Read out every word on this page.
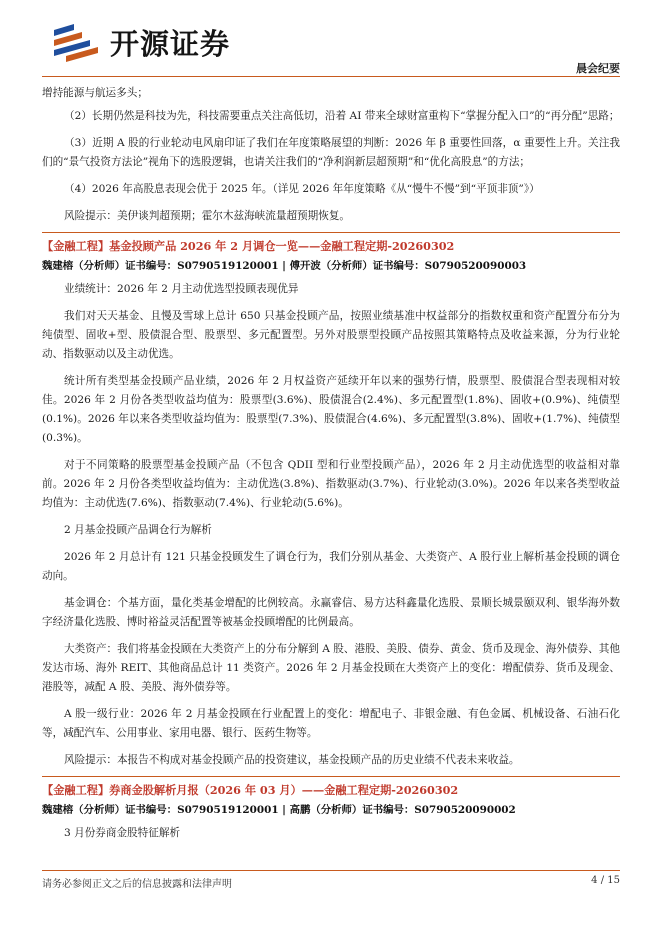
开源证券
晨会纪要

增持能源与航运多头；

（2）长期仍然是科技为先，科技需要重点关注高低切，沿着 AI 带来全球财富重构下“掌握分配入口”的“再分配”思路；

（3）近期 A 股的行业轮动电风扇印证了我们在年度策略展望的判断：2026 年 β 重要性回落，α 重要性上升。关注我们的“景气投资方法论”视角下的选股逻辑，也请关注我们的“净利润新层超预期”和“优化高股息”的方法；

（4）2026 年高股息表现会优于 2025 年。（详见 2026 年年度策略《从“慢牛不慢”到“平顶非顶”》）

风险提示：美伊谈判超预期；霍尔木兹海峡流量超预期恢复。

【金融工程】基金投顾产品 2026 年 2 月调仓一览——金融工程定期-20260302
魏建榕（分析师）证书编号：S0790519120001 | 傅开波（分析师）证书编号：S0790520090003

业绩统计：2026 年 2 月主动优选型投顾表现优异

我们对天天基金、且慢及雪球上总计 650 只基金投顾产品，按照业绩基准中权益部分的指数权重和资产配置分布分为纯债型、固收+型、股债混合型、股票型、多元配置型。另外对股票型投顾产品按照其策略特点及收益来源，分为行业轮动、指数驱动以及主动优选。

统计所有类型基金投顾产品业绩，2026 年 2 月权益资产延续开年以来的强势行情，股票型、股债混合型表现相对较佳。2026 年 2 月份各类型收益均值为：股票型(3.6%)、股债混合(2.4%)、多元配置型(1.8%)、固收+(0.9%)、纯债型(0.1%)。2026 年以来各类型收益均值为：股票型(7.3%)、股债混合(4.6%)、多元配置型(3.8%)、固收+(1.7%)、纯债型(0.3%)。

对于不同策略的股票型基金投顾产品（不包含 QDII 型和行业型投顾产品），2026 年 2 月主动优选型的收益相对靠前。2026 年 2 月份各类型收益均值为：主动优选(3.8%)、指数驱动(3.7%)、行业轮动(3.0%)。2026 年以来各类型收益均值为：主动优选(7.6%)、指数驱动(7.4%)、行业轮动(5.6%)。

2 月基金投顾产品调仓行为解析

2026 年 2 月总计有 121 只基金投顾发生了调仓行为，我们分别从基金、大类资产、A 股行业上解析基金投顾的调仓动向。

基金调仓：个基方面，量化类基金增配的比例较高。永赢睿信、易方达科鑫量化选股、景顺长城景颐双利、银华海外数字经济量化选股、博时裕益灵活配置等被基金投顾增配的比例最高。

大类资产：我们将基金投顾在大类资产上的分布分解到 A 股、港股、美股、债券、黄金、货币及现金、海外债券、其他发达市场、海外 REIT、其他商品总计 11 类资产。2026 年 2 月基金投顾在大类资产上的变化：增配债券、货币及现金、港股等，减配 A 股、美股、海外债券等。

A 股一级行业：2026 年 2 月基金投顾在行业配置上的变化：增配电子、非银金融、有色金属、机械设备、石油石化等，减配汽车、公用事业、家用电器、银行、医药生物等。

风险提示：本报告不构成对基金投顾产品的投资建议，基金投顾产品的历史业绩不代表未来收益。

【金融工程】券商金股解析月报（2026 年 03 月）——金融工程定期-20260302
魏建榕（分析师）证书编号：S0790519120001 | 高鹏（分析师）证书编号：S0790520090002

3 月份券商金股特征解析

请务必参阅正文之后的信息披露和法律声明	4 / 15
